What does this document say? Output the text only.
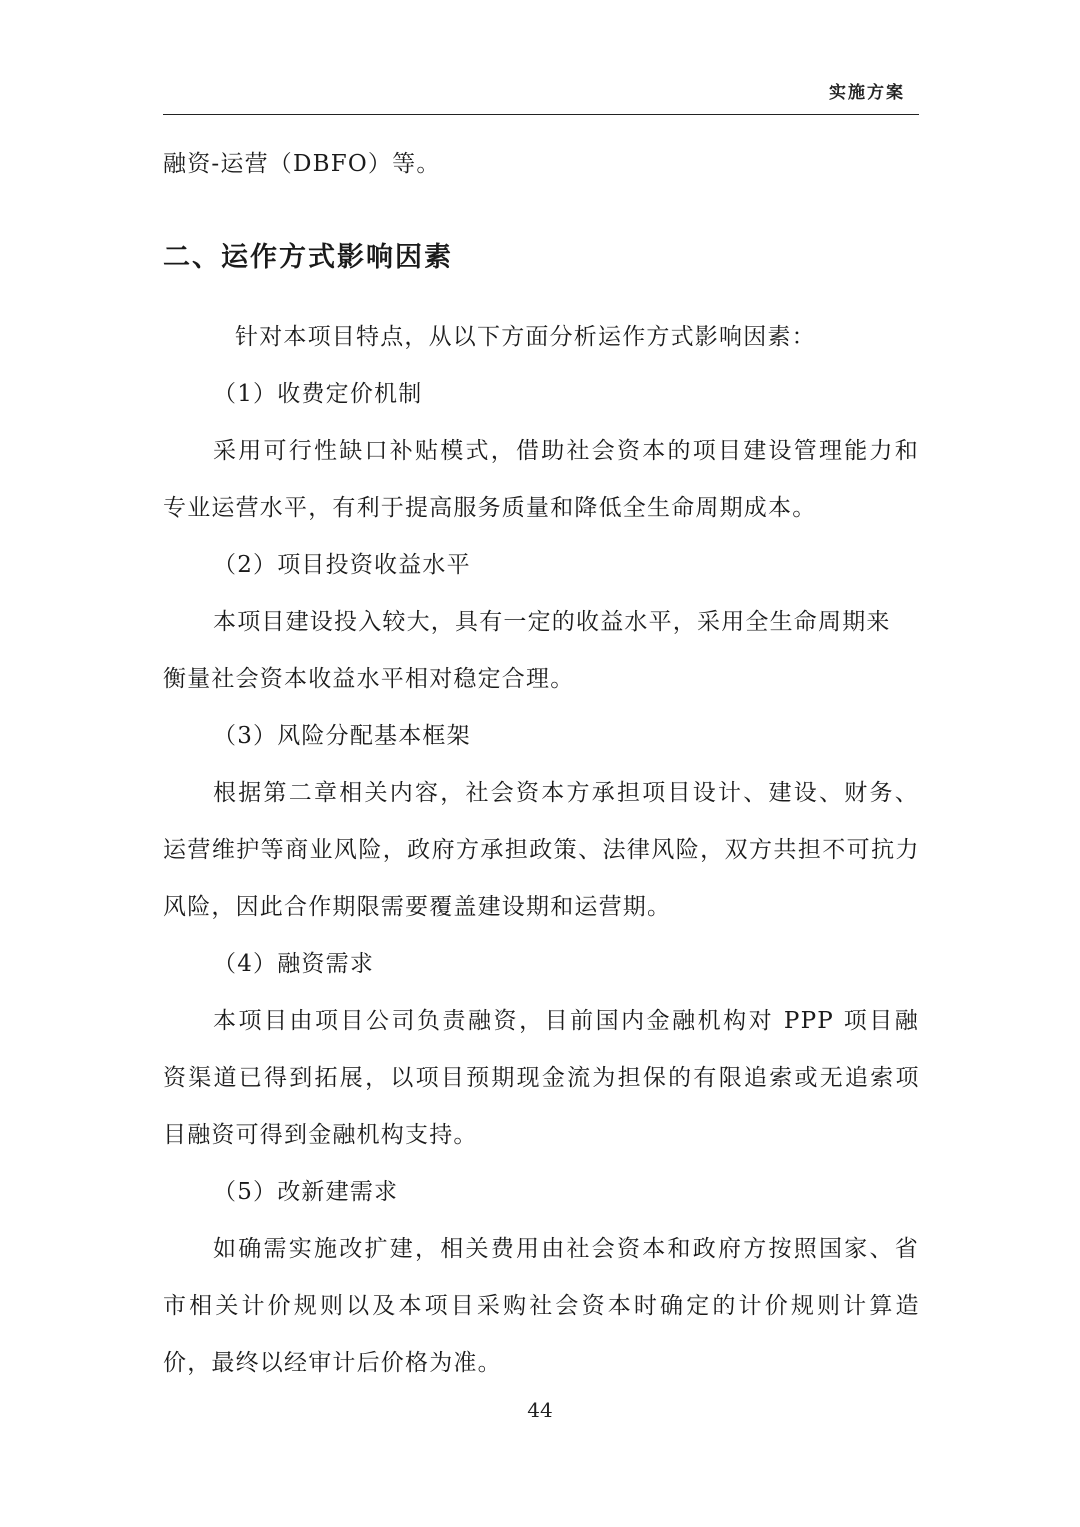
实施方案
融资-运营（DBFO）等。
二、运作方式影响因素
针对本项目特点，从以下方面分析运作方式影响因素：
（1）收费定价机制
采用可行性缺口补贴模式，借助社会资本的项目建设管理能力和
专业运营水平，有利于提高服务质量和降低全生命周期成本。
（2）项目投资收益水平
本项目建设投入较大，具有一定的收益水平，采用全生命周期来
衡量社会资本收益水平相对稳定合理。
（3）风险分配基本框架
根据第二章相关内容，社会资本方承担项目设计、建设、财务、
运营维护等商业风险，政府方承担政策、法律风险，双方共担不可抗力
风险，因此合作期限需要覆盖建设期和运营期。
（4）融资需求
本项目由项目公司负责融资，目前国内金融机构对 PPP 项目融
资渠道已得到拓展，以项目预期现金流为担保的有限追索或无追索项
目融资可得到金融机构支持。
（5）改新建需求
如确需实施改扩建，相关费用由社会资本和政府方按照国家、省
市相关计价规则以及本项目采购社会资本时确定的计价规则计算造
价，最终以经审计后价格为准。
44
